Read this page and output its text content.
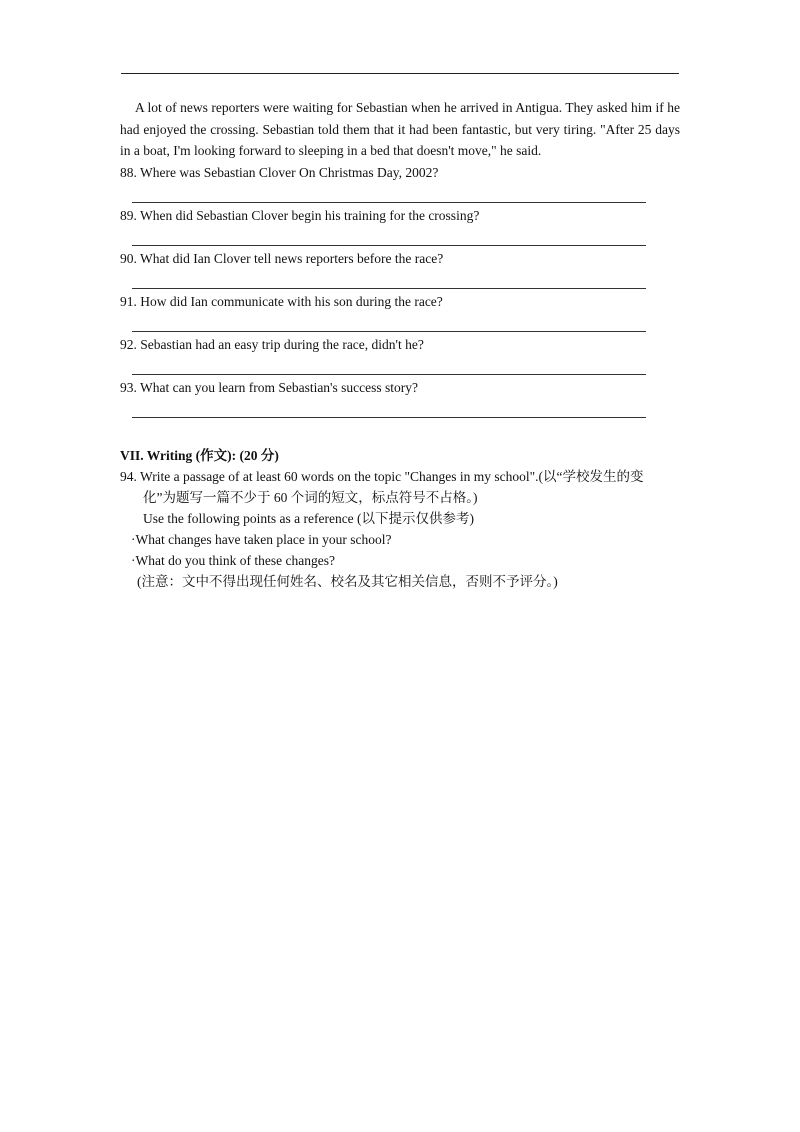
A lot of news reporters were waiting for Sebastian when he arrived in Antigua. They asked him if he had enjoyed the crossing. Sebastian told them that it had been fantastic, but very tiring. "After 25 days in a boat, I'm looking forward to sleeping in a bed that doesn't move," he said.

88. Where was Sebastian Clover On Christmas Day, 2002?

89. When did Sebastian Clover begin his training for the crossing?

90. What did Ian Clover tell news reporters before the race?

91. How did Ian communicate with his son during the race?

92. Sebastian had an easy trip during the race, didn't he?

93. What can you learn from Sebastian's success story?

VII. Writing (作文): (20 分)

94. Write a passage of at least 60 words on the topic "Changes in my school".(以“学校发生的变

化”为题写一篇不少于 60 个词的短文，标点符号不占格。)
Use the following points as a reference (以下提示仅供参考)
·What changes have taken place in your school?
·What do you think of these changes?
(注意：文中不得出现任何姓名、校名及其它相关信息，否则不予评分。)
